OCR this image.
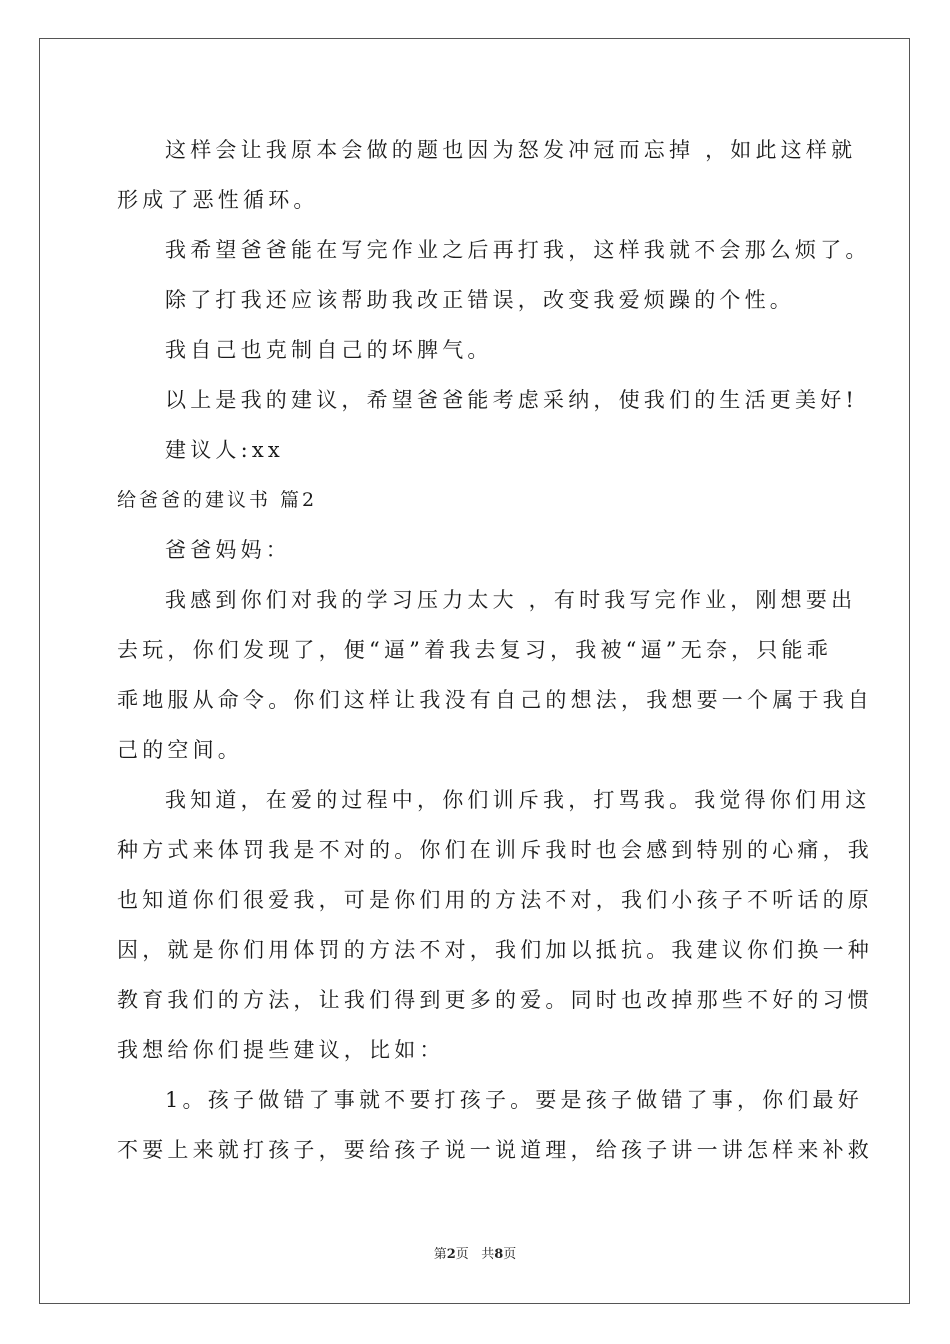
这样会让我原本会做的题也因为怒发冲冠而忘掉 ，如此这样就
形成了恶性循环。
我希望爸爸能在写完作业之后再打我，这样我就不会那么烦了。
除了打我还应该帮助我改正错误，改变我爱烦躁的个性。
我自己也克制自己的坏脾气。
以上是我的建议，希望爸爸能考虑采纳，使我们的生活更美好!
建议人:xx
给爸爸的建议书 篇2
爸爸妈妈：
我感到你们对我的学习压力太大 ，有时我写完作业，刚想要出
去玩，你们发现了，便“逼”着我去复习，我被“逼”无奈，只能乖
乖地服从命令。你们这样让我没有自己的想法，我想要一个属于我自
己的空间。
我知道，在爱的过程中，你们训斥我，打骂我。我觉得你们用这
种方式来体罚我是不对的。你们在训斥我时也会感到特别的心痛，我
也知道你们很爱我，可是你们用的方法不对，我们小孩子不听话的原
因，就是你们用体罚的方法不对，我们加以抵抗。我建议你们换一种
教育我们的方法，让我们得到更多的爱。同时也改掉那些不好的习惯
我想给你们提些建议，比如：
1。孩子做错了事就不要打孩子。要是孩子做错了事，你们最好
不要上来就打孩子，要给孩子说一说道理，给孩子讲一讲怎样来补救
第2页 共8页
